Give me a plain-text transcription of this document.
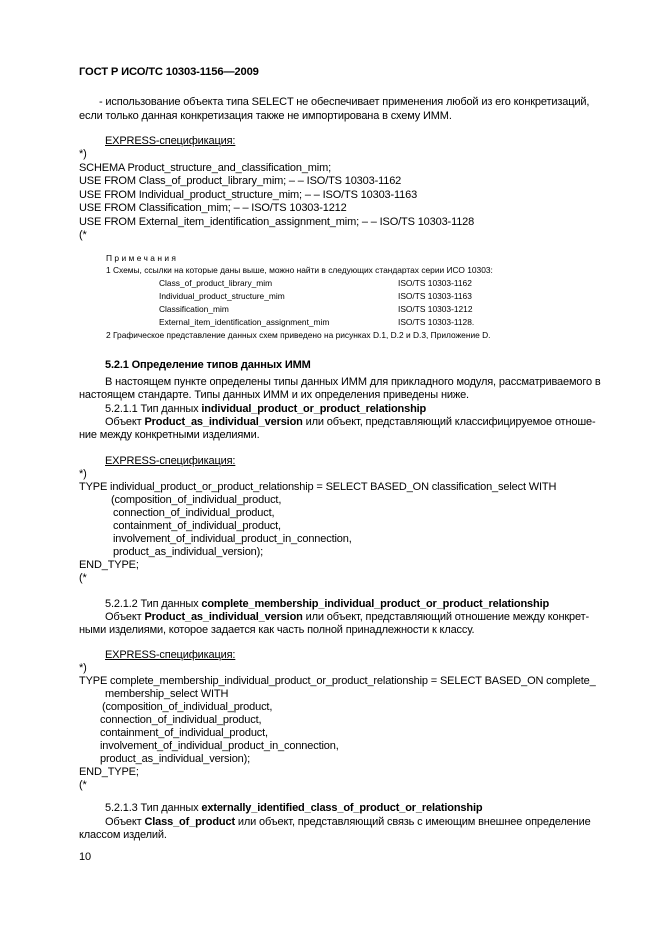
ГОСТ Р ИСО/ТС 10303-1156—2009
- использование объекта типа SELECT не обеспечивает применения любой из его конкретизаций,
если только данная конкретизация также не импортирована в схему ИММ.
EXPRESS-спецификация:
*)
SCHEMA Product_structure_and_classification_mim;
USE FROM Class_of_product_library_mim; – – ISO/TS 10303-1162
USE FROM Individual_product_structure_mim; – – ISO/TS 10303-1163
USE FROM Classification_mim; – – ISO/TS 10303-1212
USE FROM External_item_identification_assignment_mim; – – ISO/TS 10303-1128
(*
Примечания
1 Схемы, ссылки на которые даны выше, можно найти в следующих стандартах серии ИСО 10303:
Class_of_product_library_mim	ISO/TS 10303-1162
Individual_product_structure_mim	ISO/TS 10303-1163
Classification_mim	ISO/TS 10303-1212
External_item_identification_assignment_mim	ISO/TS 10303-1128.
2 Графическое представление данных схем приведено на рисунках D.1, D.2 и D.3, Приложение D.
5.2.1 Определение типов данных ИММ
В настоящем пункте определены типы данных ИММ для прикладного модуля, рассматриваемого в
настоящем стандарте. Типы данных ИММ и их определения приведены ниже.
5.2.1.1 Тип данных individual_product_or_product_relationship
Объект Product_as_individual_version или объект, представляющий классифицируемое отноше-
ние между конкретными изделиями.
EXPRESS-спецификация:
*)
TYPE individual_product_or_product_relationship = SELECT BASED_ON classification_select WITH
(composition_of_individual_product,
connection_of_individual_product,
containment_of_individual_product,
involvement_of_individual_product_in_connection,
product_as_individual_version);
END_TYPE;
(*
5.2.1.2 Тип данных complete_membership_individual_product_or_product_relationship
Объект Product_as_individual_version или объект, представляющий отношение между конкрет-
ными изделиями, которое задается как часть полной принадлежности к классу.
EXPRESS-спецификация:
*)
TYPE complete_membership_individual_product_or_product_relationship = SELECT BASED_ON complete_
membership_select WITH
(composition_of_individual_product,
connection_of_individual_product,
containment_of_individual_product,
involvement_of_individual_product_in_connection,
product_as_individual_version);
END_TYPE;
(*
5.2.1.3 Тип данных externally_identified_class_of_product_or_relationship
Объект Class_of_product или объект, представляющий связь с имеющим внешнее определение
классом изделий.
10
